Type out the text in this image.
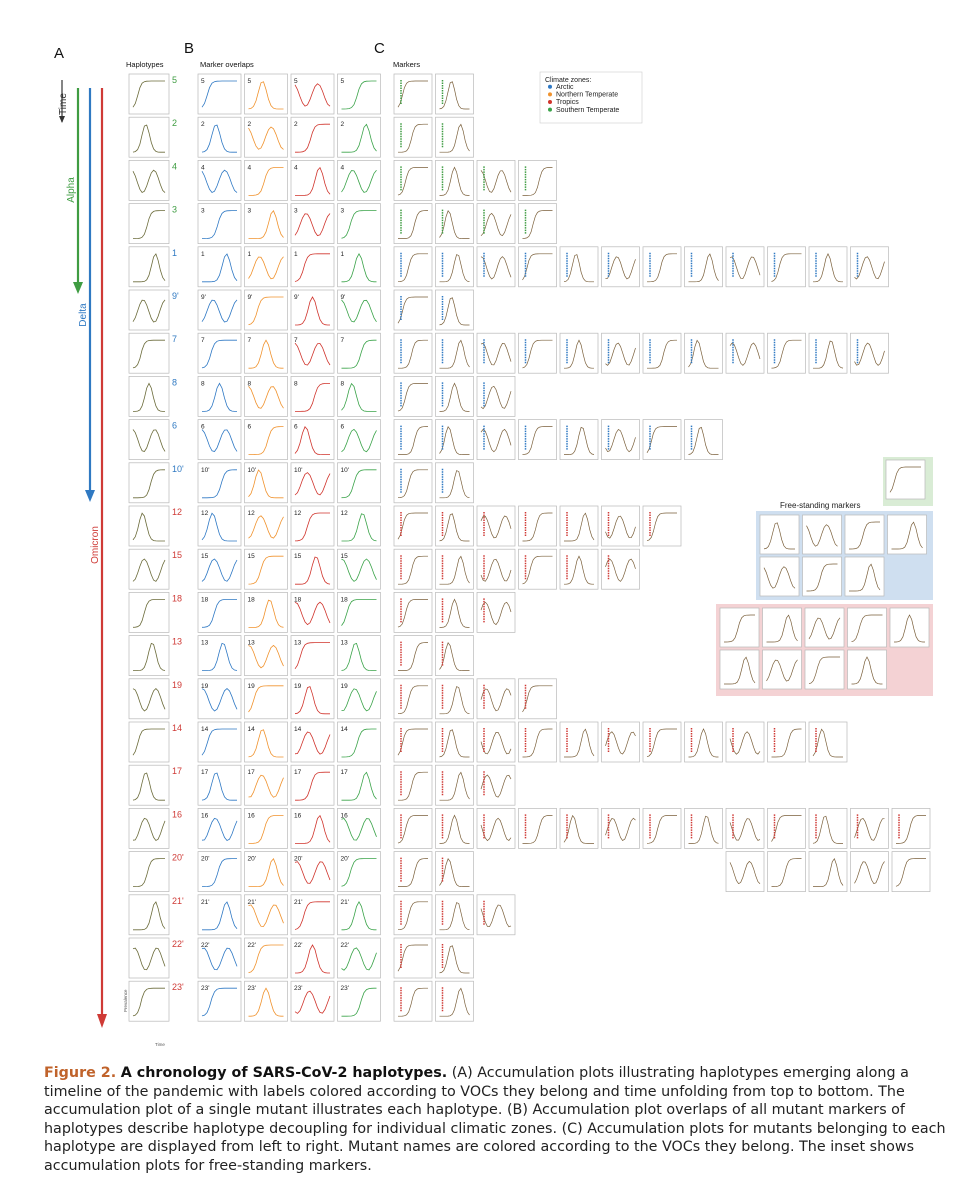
Time
Alpha
Delta
Omicron
A	B	C
Haplotypes	Marker overlaps	Markers
Climate zones:
Arctic
Northern Temperate
Tropics
Southern Temperate
5	5	5	5	5
2	2	2	2	2
4	4	4	4	4
3	3	3	3	3
1	1	1	1	1
9'	9'	9'	9'	9'
7	7	7	7	7
8	8	8	8	8
6	6	6	6	6
10'	10'	10'	10'	10'
12	12	12	12	12
15	15	15	15	15
18	18	18	18	18
13	13	13	13	13
19	19	19	19	19
14	14	14	14	14
17	17	17	17	17
16	16	16	16	16
20'	20'	20'	20'	20'
21'	21'	21'	21'	21'
22'	22'	22'	22'	22'
23'	23'	23'	23'	23'
Free-standing markers
Prevalence
Time
Figure 2. A chronology of SARS-CoV-2 haplotypes. (A) Accumulation plots illustrating haplotypes emerging along a timeline of the pandemic with labels colored according to VOCs they belong and time unfolding from top to bottom. The accumulation plot of a single mutant illustrates each haplotype. (B) Accumulation plot overlaps of all mutant markers of haplotypes describe haplotype decoupling for individual climatic zones. (C) Accumulation plots for mutants belonging to each haplotype are displayed from left to right. Mutant names are colored according to the VOCs they belong. The inset shows accumulation plots for free-standing markers.
